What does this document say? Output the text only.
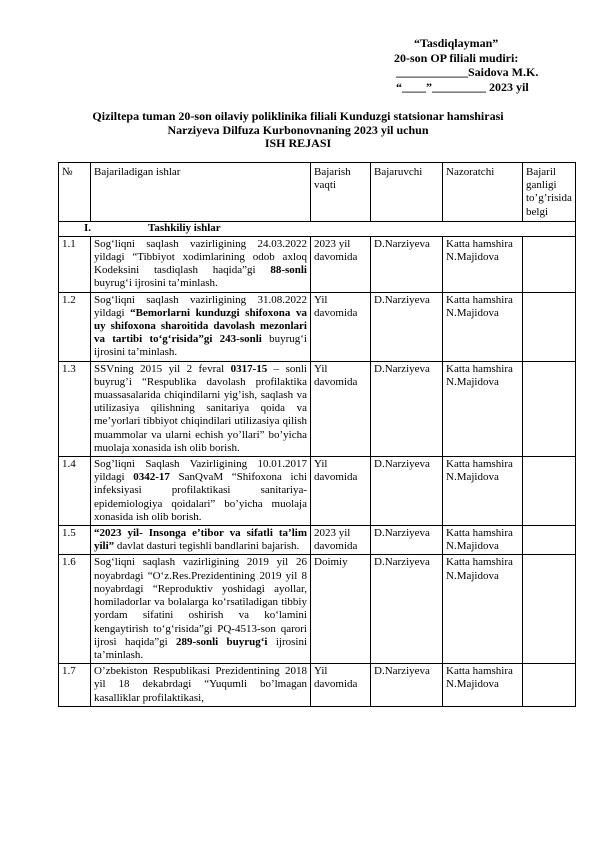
“Tasdiqlayman”
20-son OP filiali mudiri:
____________Saidova M.K.
“____”_________ 2023 yil
Qiziltepa tuman 20-son oilaviy poliklinika filiali Kunduzgi statsionar hamshirasi
Narziyeva Dilfuza Kurbonovnaning 2023 yil uchun
ISH REJASI
№	Bajariladigan ishlar	Bajarish vaqti	Bajaruvchi	Nazoratchi	Bajaril ganligi to’g’risida belgi
I. Tashkiliy ishlar					
1.1	Sog‘liqni saqlash vazirligining 24.03.2022 yildagi “Tibbiyot xodimlarining odob axloq Kodeksini tasdiqlash haqida”gi 88-sonli buyrug‘i ijrosini ta’minlash.	2023 yil davomida	D.Narziyeva	Katta hamshira N.Majidova	
1.2	Sog‘liqni saqlash vazirligining 31.08.2022 yildagi “Bemorlarni kunduzgi shifoxona va uy shifoxona sharoitida davolash mezonlari va tartibi to‘g‘risida”gi 243-sonli buyrug‘i ijrosini ta’minlash.	Yil davomida	D.Narziyeva	Katta hamshira N.Majidova	
1.3	SSVning 2015 yil 2 fevral 0317-15 – sonli buyrug’i “Respublika davolash profilaktika muassasalarida chiqindilarni yig’ish, saqlash va utilizasiya qilishning sanitariya qoida va me’yorlari tibbiyot chiqindilari utilizasiya qilish muammolar va ularni echish yo’llari” bo’yicha muolaja xonasida ish olib borish.	Yil davomida	D.Narziyeva	Katta hamshira N.Majidova	
1.4	Sog’liqni Saqlash Vazirligining 10.01.2017 yildagi 0342-17 SanQvaM “Shifoxona ichi infeksiyasi profilaktikasi sanitariya-epidemiologiya qoidalari” bo’yicha muolaja xonasida ish olib borish.	Yil davomida	D.Narziyeva	Katta hamshira N.Majidova	
1.5	“2023 yil- Insonga e’tibor va sifatli ta’lim yili” davlat dasturi tegishli bandlarini bajarish.	2023 yil davomida	D.Narziyeva	Katta hamshira N.Majidova	
1.6	Sog‘liqni saqlash vazirligining 2019 yil 26 noyabrdagi “O‘z.Res.Prezidentining 2019 yil 8 noyabrdagi “Reproduktiv yoshidagi ayollar, homiladorlar va bolalarga ko‘rsatiladigan tibbiy yordam sifatini oshirish va ko‘lamini kengaytirish to‘g‘risida”gi PQ-4513-son qarori ijrosi haqida”gi 289-sonli buyrug‘i ijrosini ta’minlash.	Doimiy	D.Narziyeva	Katta hamshira N.Majidova	
1.7	O’zbekiston Respublikasi Prezidentining 2018 yil 18 dekabrdagi “Yuqumli bo’lmagan kasalliklar profilaktikasi,	Yil davomida	D.Narziyeva	Katta hamshira N.Majidova	
